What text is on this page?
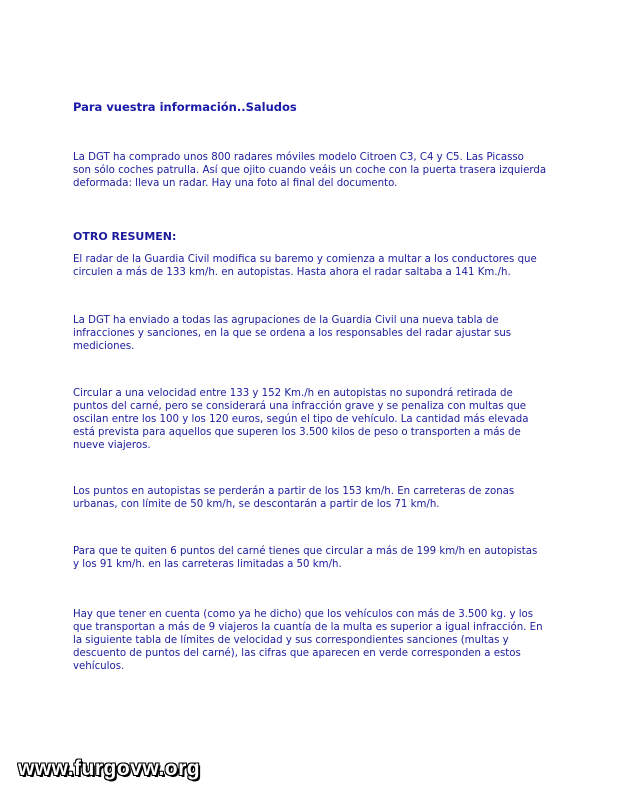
Para vuestra información..Saludos

La DGT ha comprado unos 800 radares móviles modelo Citroen C3, C4 y C5. Las Picasso
son sólo coches patrulla. Así que ojito cuando veáis un coche con la puerta trasera izquierda
deformada: lleva un radar. Hay una foto al final del documento.

OTRO RESUMEN:

El radar de la Guardia Civil modifica su baremo y comienza a multar a los conductores que
circulen a más de 133 km/h. en autopistas. Hasta ahora el radar saltaba a 141 Km./h.

La DGT ha enviado a todas las agrupaciones de la Guardia Civil una nueva tabla de
infracciones y sanciones, en la que se ordena a los responsables del radar ajustar sus
mediciones.

Circular a una velocidad entre 133 y 152 Km./h en autopistas no supondrá retirada de
puntos del carné, pero se considerará una infracción grave y se penaliza con multas que
oscilan entre los 100 y los 120 euros, según el tipo de vehículo. La cantidad más elevada
está prevista para aquellos que superen los 3.500 kilos de peso o transporten a más de
nueve viajeros.

Los puntos en autopistas se perderán a partir de los 153 km/h. En carreteras de zonas
urbanas, con límite de 50 km/h, se descontarán a partir de los 71 km/h.

Para que te quiten 6 puntos del carné tienes que circular a más de 199 km/h en autopistas
y los 91 km/h. en las carreteras limitadas a 50 km/h.

Hay que tener en cuenta (como ya he dicho) que los vehículos con más de 3.500 kg. y los
que transportan a más de 9 viajeros la cuantía de la multa es superior a igual infracción. En
la siguiente tabla de límites de velocidad y sus correspondientes sanciones (multas y
descuento de puntos del carné), las cifras que aparecen en verde corresponden a estos
vehículos.

www.furgovw.org
